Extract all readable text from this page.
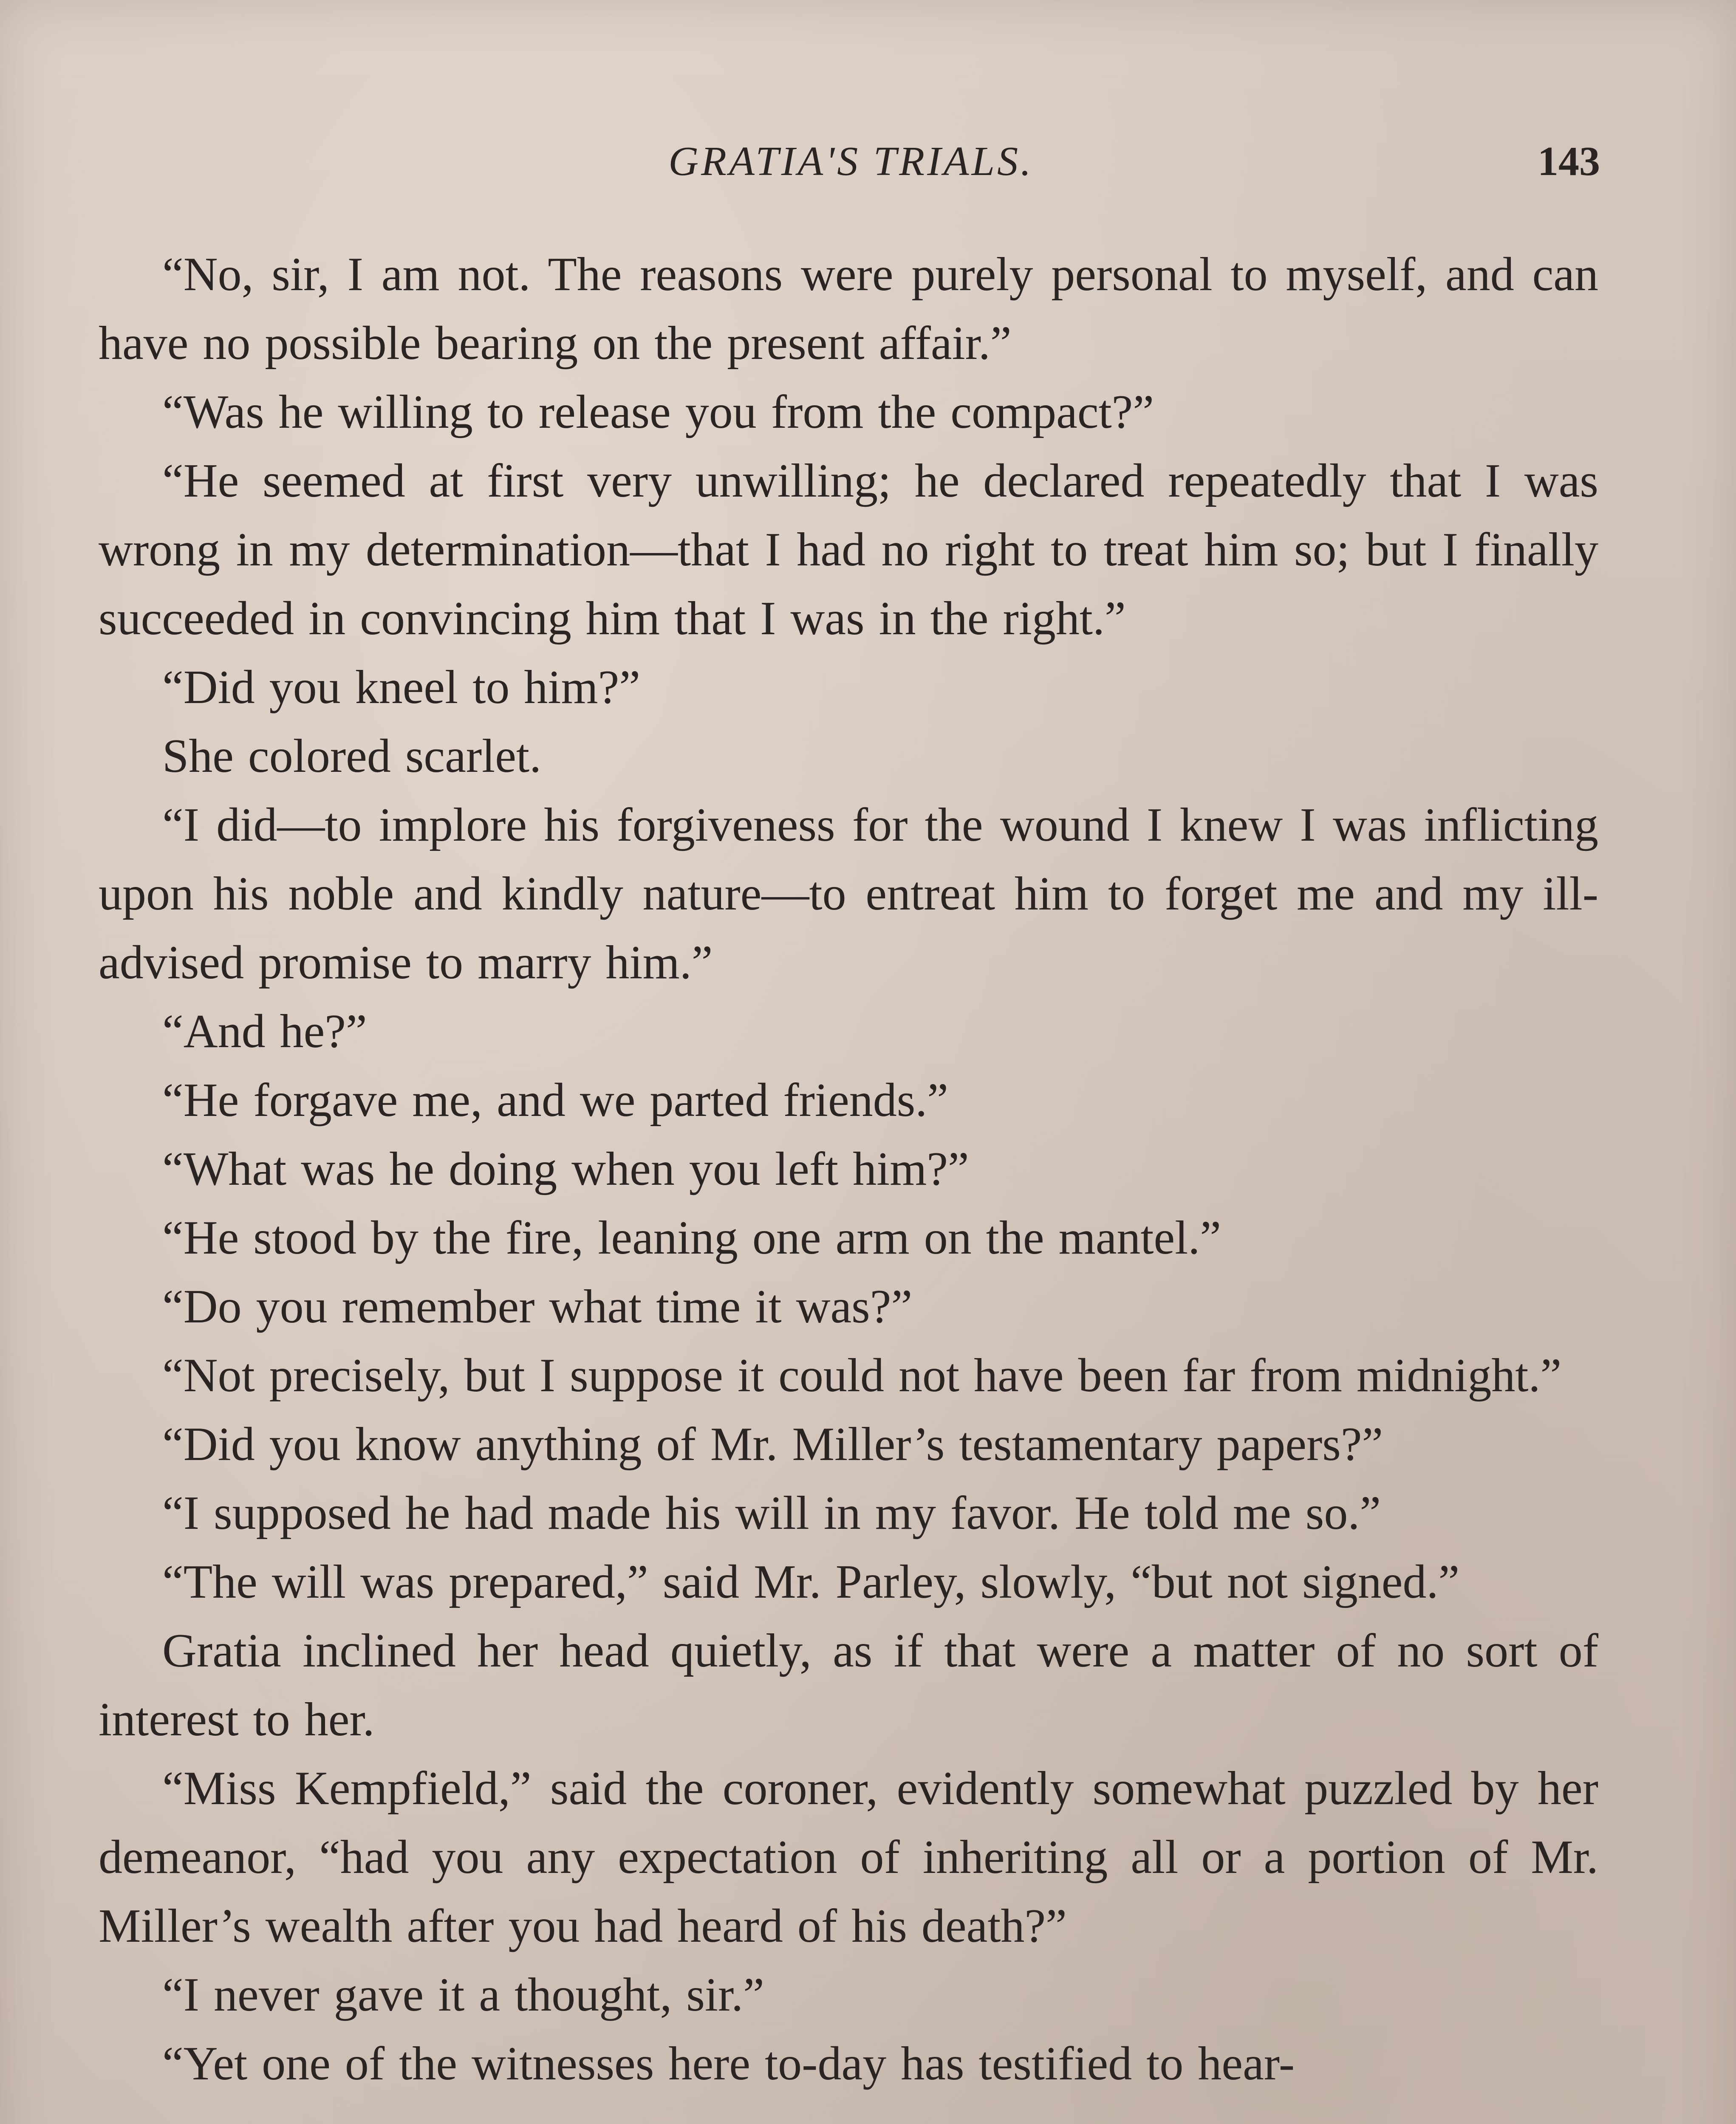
GRATIA'S TRIALS.	143

“No, sir, I am not. The reasons were purely personal to myself, and can have no possible bearing on the present affair.”

“Was he willing to release you from the compact?”

“He seemed at first very unwilling; he declared repeatedly that I was wrong in my determination—that I had no right to treat him so; but I finally succeeded in convincing him that I was in the right.”

“Did you kneel to him?”

She colored scarlet.

“I did—to implore his forgiveness for the wound I knew I was inflicting upon his noble and kindly nature—to entreat him to forget me and my ill-advised promise to marry him.”

“And he?”

“He forgave me, and we parted friends.”

“What was he doing when you left him?”

“He stood by the fire, leaning one arm on the mantel.”

“Do you remember what time it was?”

“Not precisely, but I suppose it could not have been far from midnight.”

“Did you know anything of Mr. Miller’s testamentary papers?”

“I supposed he had made his will in my favor. He told me so.”

“The will was prepared,” said Mr. Parley, slowly, “but not signed.”

Gratia inclined her head quietly, as if that were a matter of no sort of interest to her.

“Miss Kempfield,” said the coroner, evidently somewhat puzzled by her demeanor, “had you any expectation of inheriting all or a portion of Mr. Miller’s wealth after you had heard of his death?”

“I never gave it a thought, sir.”

“Yet one of the witnesses here to-day has testified to hear-
